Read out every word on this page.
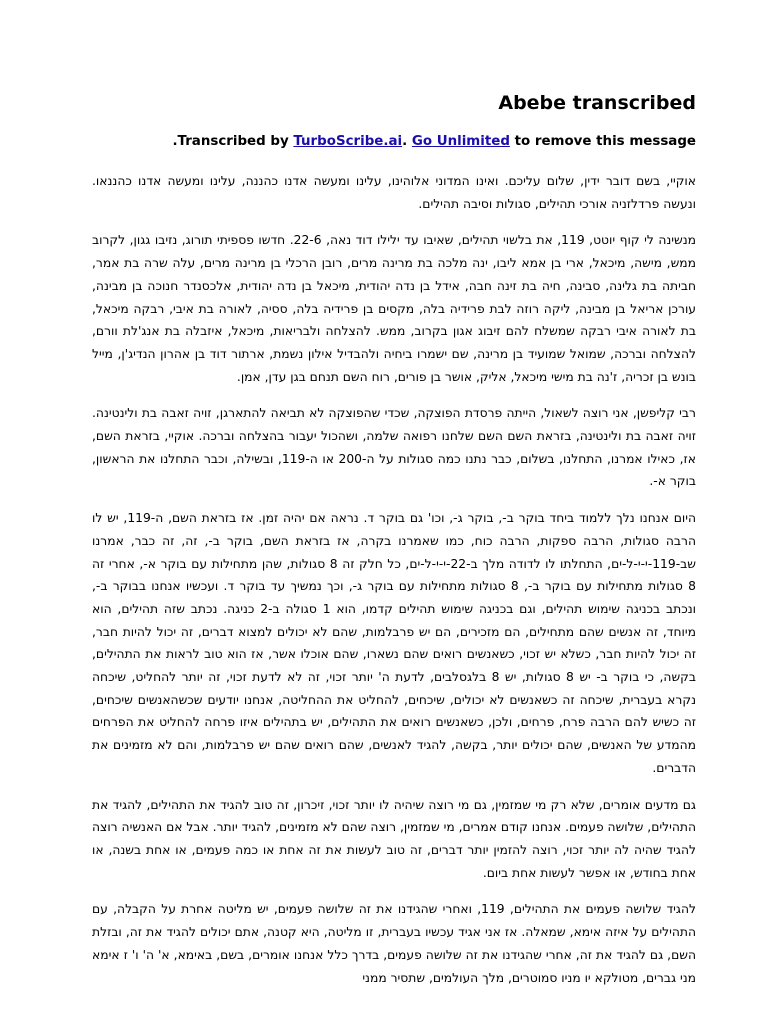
Abebe transcribed
Transcribed by TurboScribe.ai. Go Unlimited to remove this message.

אוקיי, בשם דובר ידין, שלום עליכם. ואינו המדוני אלוהינו, עלינו ומעשה אדנו כהננה, עלינו ומעשה אדנו כהננאו. ונעשה פרדלזניה אורכי תהילים, סגולות וסיבה תהילים.

מנשינה לי קוף יוטט, 119, את בלשוי תהילים, שאיבו עד ילילו דוד נאה, 22-6. חדשו פספיתי תורוג, נזיבו גגון, לקרוב ממש, מישה, מיכאל, ארי בן אמא ליבו, ינה מלכה בת מרינה מרים, רובן הרכלי בן מרינה מרים, עלה שרה בת אמר, חביתה בת גלינה, סבינה, חיה בת זינה חבה, אידל בן נדה יהודית, מיכאל בן נדה יהודית, אלכסנדר חנוכה בן מבינה, עורכן אריאל בן מבינה, ליקה רוזה לבת פרידיה בלה, מקסים בן פרידיה בלה, ססיה, לאורה בת איבי, רבקה מיכאל, בת לאורה איבי רבקה שמשלח להם זיבוג אגון בקרוב, ממש. להצלחה ולבריאות, מיכאל, איזבלה בת אנג'לת וורם, להצלחה וברכה, שמואל שמועיד בן מרינה, שם ישמרו ביחיה ולהבדיל אילון נשמת, ארתור דוד בן אהרון הנדיג'ן, מייל בונש בן זכריה, ז'נה בת מישי מיכאל, אליק, אושר בן פורים, רוח השם תנחם בגן עדן, אמן.

רבי קליפשן, אני רוצה לשאול, הייתה פרסדת הפוצקה, שכדי שהפוצקה לא תביאה להתארגן, זויה זאבה בת ולינטינה. זויה זאבה בת ולינטינה, בזראת השם השם שלחנו רפואה שלמה, ושהכול יעבור בהצלחה וברכה. אוקיי, בזראת השם, אז, כאילו אמרנו, התחלנו, בשלום, כבר נתנו כמה סגולות על ה-200 או ה-119, ובשילה, וכבר התחלנו את הראשון, בוקר א-.

היום אנחנו נלך ללמוד ביחד בוקר ב-, בוקר ג-, וכו' גם בוקר ד. נראה אם יהיה זמן. אז בזראת השם, ה-119, יש לו הרבה סגולות, הרבה ספקות, הרבה כוח, כמו שאמרנו בקרה, אז בזראת השם, בוקר ב-, זה, זה כבר, אמרנו שב-119-י-י-ל-ים, התחלתו לו לדודה מלך ב-22-י-י-ל-ים, כל חלק זה 8 סגולות, שהן מתחילות עם בוקר א-, אחרי זה 8 סגולות מתחילות עם בוקר ב-, 8 סגולות מתחילות עם בוקר ג-, וכך נמשיך עד בוקר ד. ועכשיו אנחנו בבוקר ב-, ונכתב בכניגה שימוש תהילים, וגם בכניגה שימוש תהילים קדמו, הוא 1 סגולה ב-2 כניגה. נכתב שזה תהילים, הוא מיוחד, זה אנשים שהם מתחילים, הם מזכירים, הם יש פרבלמות, שהם לא יכולים למצוא דברים, זה יכול להיות חבר, זה יכול להיות חבר, כשלא יש זכוי, כשאנשים רואים שהם נשארו, שהם אוכלו אשר, אז הוא טוב לראות את התהילים, בקשה, כי בוקר ב- יש 8 סגולות, יש 8 בלגסלבים, לדעת ה' יותר זכוי, זה לא לדעת זכוי, זה יותר להחליט, שיכחה נקרא בעברית, שיכחה זה כשאנשים לא יכולים, שיכחים, להחליט את ההחליטה, אנחנו יודעים שכשהאנשים שיכחים, זה כשיש להם הרבה פרח, פרחים, ולכן, כשאנשים רואים את התהילים, יש בתהילים איזו פרחה להחליט את הפרחים מהמדע של האנשים, שהם יכולים יותר, בקשה, להגיד לאנשים, שהם רואים שהם יש פרבלמות, והם לא מזמינים את הדברים.

גם מדעים אומרים, שלא רק מי שמזמין, גם מי רוצה שיהיה לו יותר זכוי, זיכרון, זה טוב להגיד את התהילים, להגיד את התהילים, שלושה פעמים. אנחנו קודם אמרים, מי שמזמין, רוצה שהם לא מזמינים, להגיד יותר. אבל אם האנשיה רוצה להגיד שהיה לה יותר זכוי, רוצה להזמין יותר דברים, זה טוב לעשות את זה אחת או כמה פעמים, או אחת בשנה, או אחת בחודש, או אפשר לעשות אחת ביום.

להגיד שלושה פעמים את התהילים, 119, ואחרי שהגידנו את זה שלושה פעמים, יש מליטה אחרת על הקבלה, עם התהילים על איזה אימא, שמאלה. אז אני אגיד עכשיו בעברית, זו מליטה, היא קטנה, אתם יכולים להגיד את זה, ובזלת השם, גם להגיד את זה, אחרי שהגידנו את זה שלושה פעמים, בדרך כלל אנחנו אומרים, בשם, באימא, א' ה' ו' ז אימא מני גברים, מטולקא יו מניו סמוטרים, מלך העולמים, שתסיר ממני
